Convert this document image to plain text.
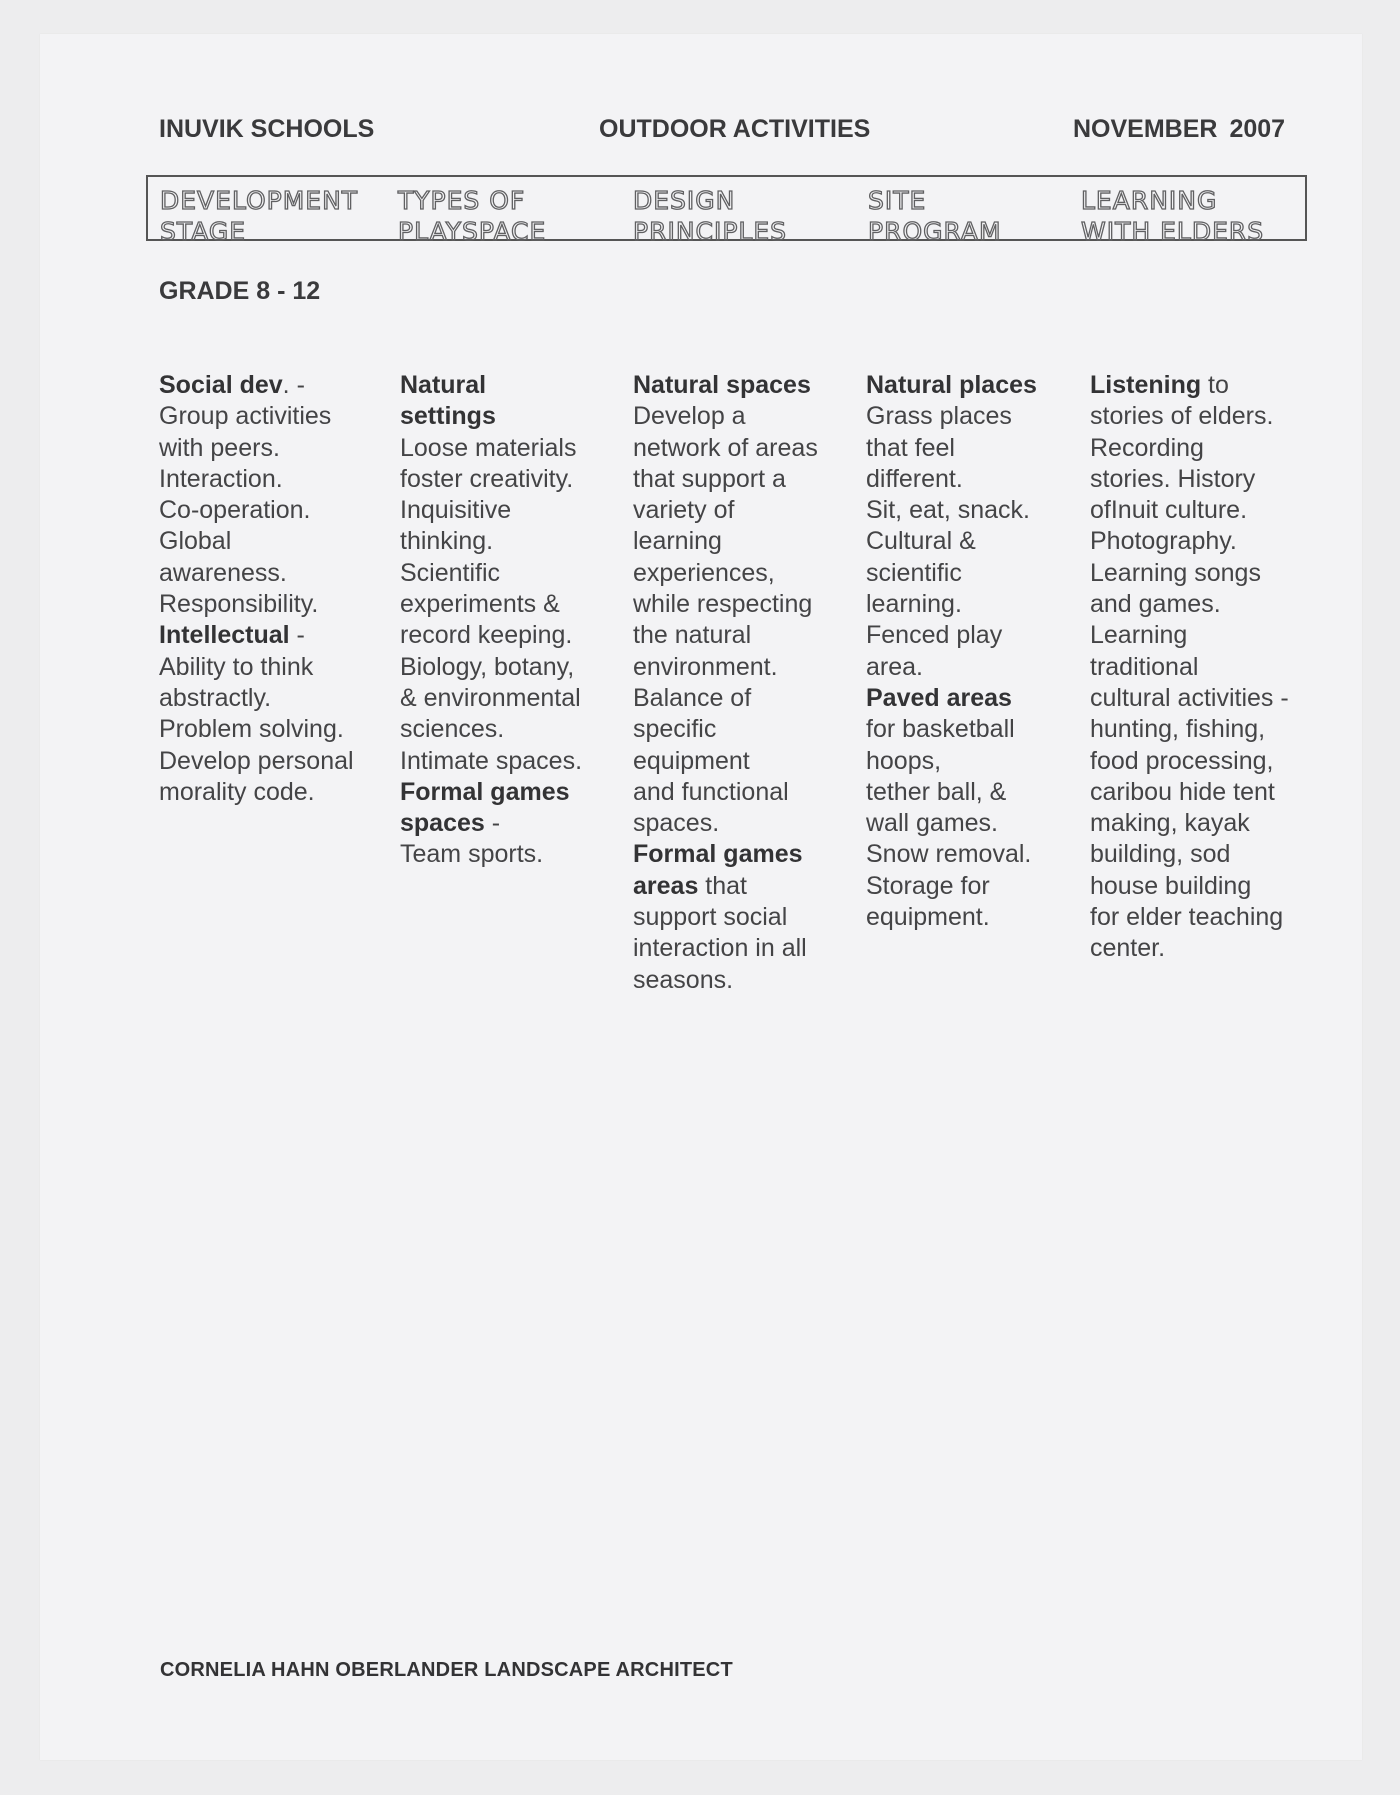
INUVIK SCHOOLS	OUTDOOR ACTIVITIES	NOVEMBER 2007
DEVELOPMENT
STAGE
TYPES OF
PLAYSPACE
DESIGN
PRINCIPLES
SITE
PROGRAM
LEARNING
WITH ELDERS
GRADE 8 - 12
Social dev. -
Group activities
with peers.
Interaction.
Co-operation.
Global
awareness.
Responsibility.
Intellectual -
Ability to think
abstractly.
Problem solving.
Develop personal
morality code.
Natural
settings
Loose materials
foster creativity.
Inquisitive
thinking.
Scientific
experiments &
record keeping.
Biology, botany,
& environmental
sciences.
Intimate spaces.
Formal games
spaces -
Team sports.
Natural spaces
Develop a
network of areas
that support a
variety of
learning
experiences,
while respecting
the natural
environment.
Balance of
specific
equipment
and functional
spaces.
Formal games
areas that
support social
interaction in all
seasons.
Natural places
Grass places
that feel
different.
Sit, eat, snack.
Cultural &
scientific
learning.
Fenced play
area.
Paved areas
for basketball
hoops,
tether ball, &
wall games.
Snow removal.
Storage for
equipment.
Listening to
stories of elders.
Recording
stories. History
ofInuit culture.
Photography.
Learning songs
and games.
Learning
traditional
cultural activities -
hunting, fishing,
food processing,
caribou hide tent
making, kayak
building, sod
house building
for elder teaching
center.
CORNELIA HAHN OBERLANDER LANDSCAPE ARCHITECT
